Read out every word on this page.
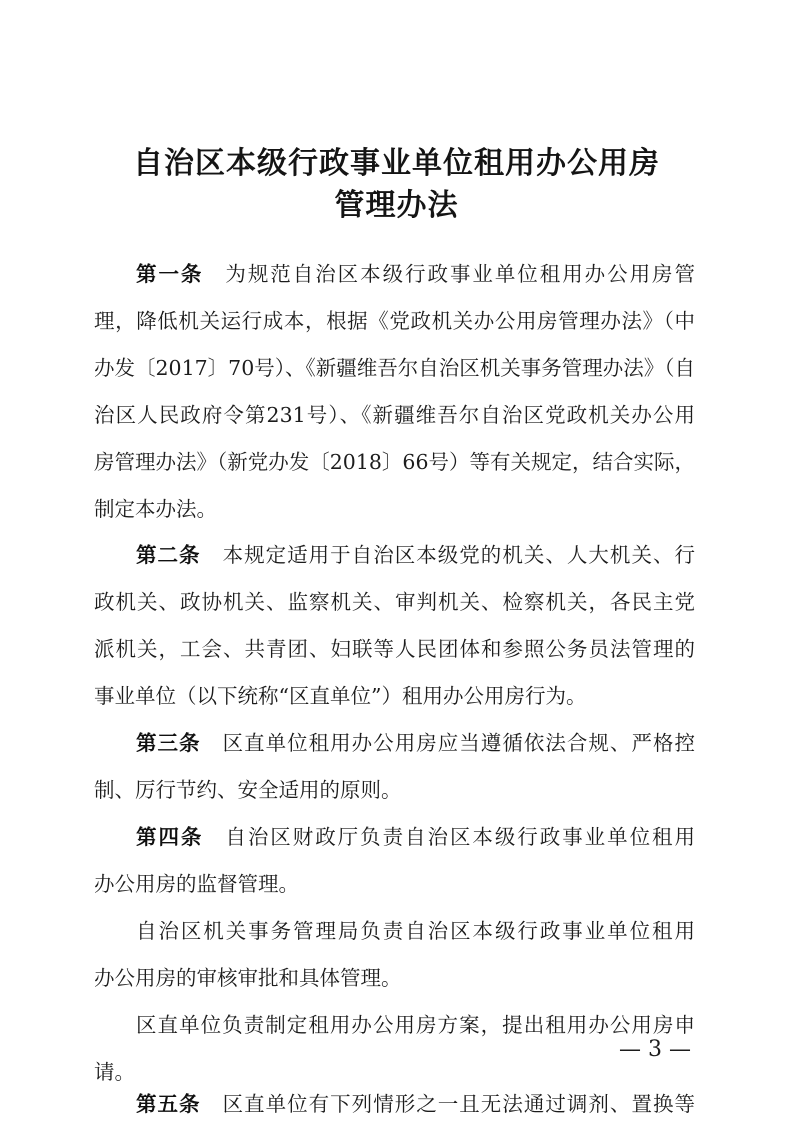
自治区本级行政事业单位租用办公用房
管理办法
第一条 为规范自治区本级行政事业单位租用办公用房管
理，降低机关运行成本，根据《党政机关办公用房管理办法》（中
办发〔2017〕70号）、《新疆维吾尔自治区机关事务管理办法》（自
治区人民政府令第231号）、《新疆维吾尔自治区党政机关办公用
房管理办法》（新党办发〔2018〕66号）等有关规定，结合实际，
制定本办法。
第二条 本规定适用于自治区本级党的机关、人大机关、行
政机关、政协机关、监察机关、审判机关、检察机关，各民主党
派机关，工会、共青团、妇联等人民团体和参照公务员法管理的
事业单位（以下统称“区直单位”）租用办公用房行为。
第三条 区直单位租用办公用房应当遵循依法合规、严格控
制、厉行节约、安全适用的原则。
第四条 自治区财政厅负责自治区本级行政事业单位租用
办公用房的监督管理。
自治区机关事务管理局负责自治区本级行政事业单位租用
办公用房的审核审批和具体管理。
区直单位负责制定租用办公用房方案，提出租用办公用房申
请。
第五条 区直单位有下列情形之一且无法通过调剂、置换等
— 3 —
